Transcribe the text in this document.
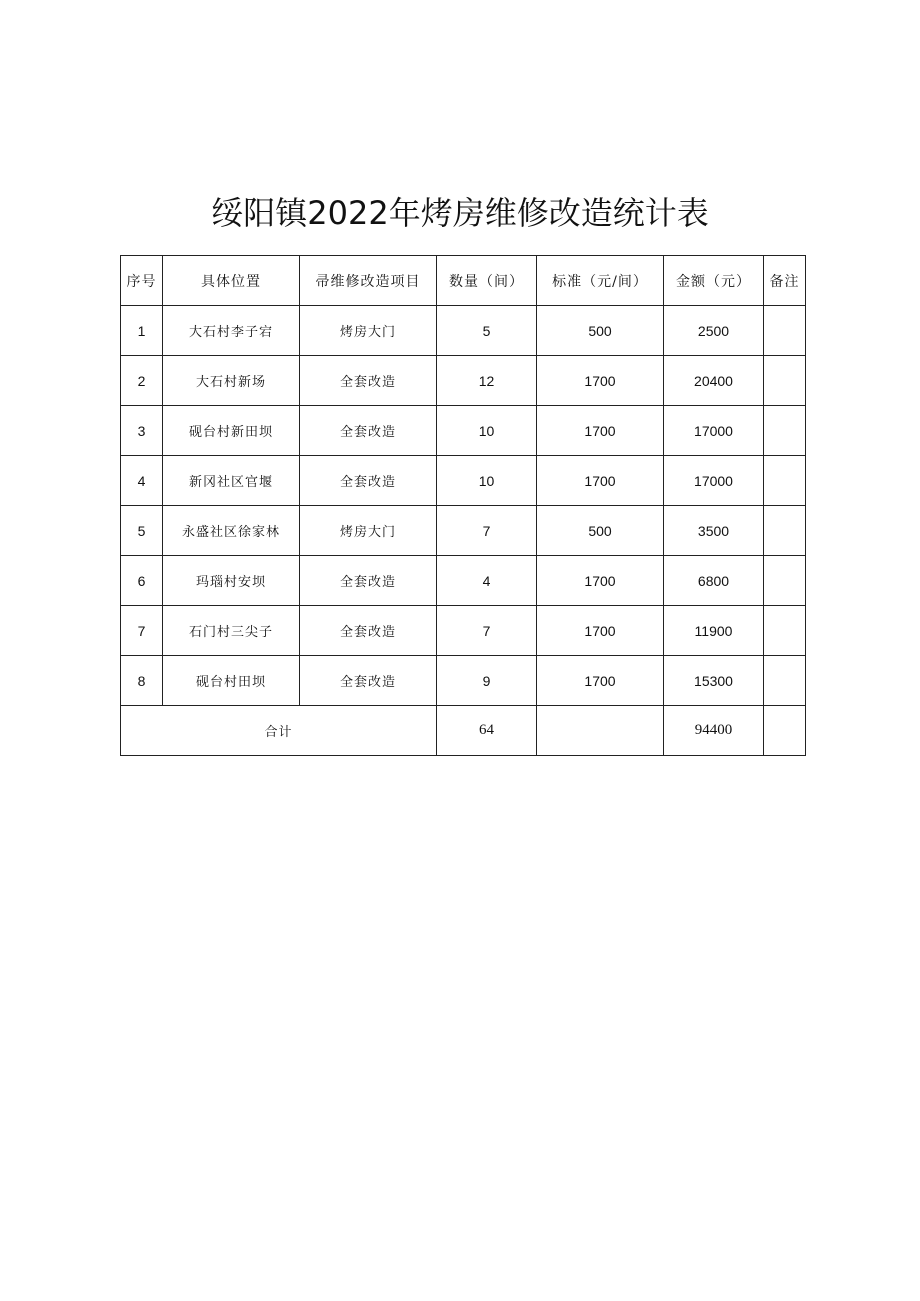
绥阳镇2022年烤房维修改造统计表
序号	具体位置	帚维修改造项目	数量（间）	标准（元/间）	金额（元）	备注
1	大石村李子宕	烤房大门	5	500	2500	
2	大石村新场	全套改造	12	1700	20400	
3	砚台村新田坝	全套改造	10	1700	17000	
4	新冈社区官堰	全套改造	10	1700	17000	
5	永盛社区徐家林	烤房大门	7	500	3500	
6	玛瑙村安坝	全套改造	4	1700	6800	
7	石门村三尖子	全套改造	7	1700	11900	
8	砚台村田坝	全套改造	9	1700	15300	
合计			64		94400	
